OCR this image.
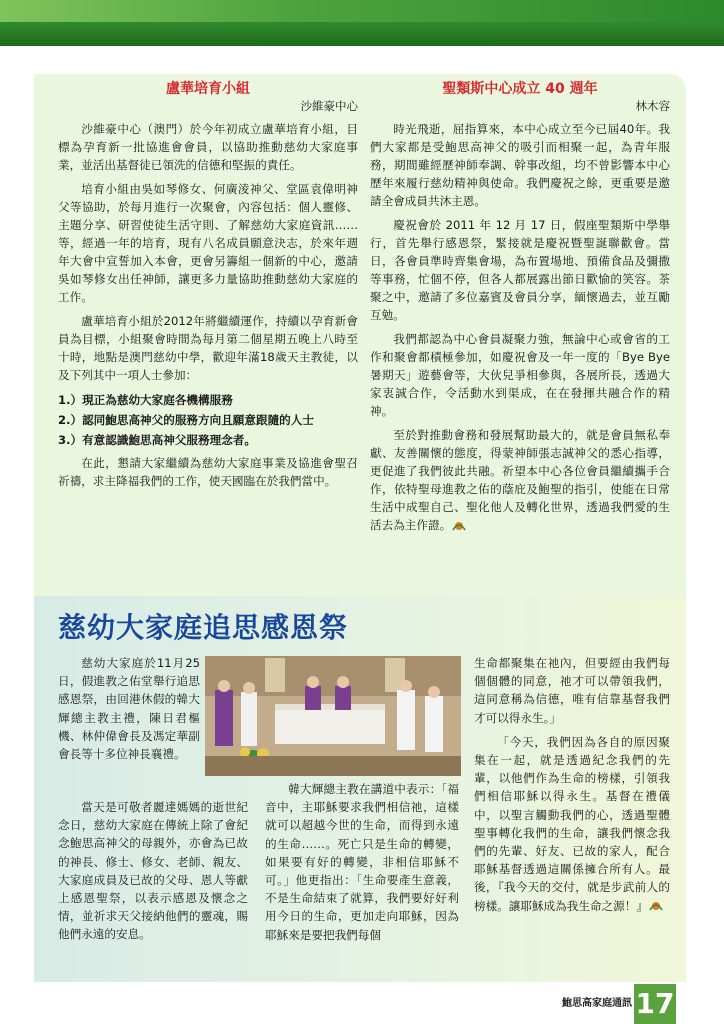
盧華培育小組

沙維豪中心

沙維豪中心（澳門）於今年初成立盧華培育小組，目標為孕育新一批協進會會員，以協助推動慈幼大家庭事業，並活出基督徒已領洗的信德和堅振的責任。

培育小組由吳如琴修女、何廣淩神父、堂區袁偉明神父等協助，於每月進行一次聚會，內容包括：個人靈修、主題分享、研習使徒生活守則、了解慈幼大家庭資訊……等，經過一年的培育，現有八名成員願意決志，於來年週年大會中宣誓加入本會，更會另籌組一個新的中心，邀請吳如琴修女出任神師，讓更多力量協助推動慈幼大家庭的工作。

盧華培育小組於2012年將繼續運作，持續以孕育新會員為目標，小組聚會時間為每月第二個星期五晚上八時至十時，地點是澳門慈幼中學，歡迎年滿18歲天主教徒，以及下列其中一項人士參加：

1.）現正為慈幼大家庭各機構服務
2.）認同鮑思高神父的服務方向且願意跟隨的人士
3.）有意認識鮑思高神父服務理念者。

在此，懇請大家繼續為慈幼大家庭事業及協進會聖召祈禱，求主降福我們的工作，使天國臨在於我們當中。

聖類斯中心成立 40 週年

林木容

時光飛逝，屈指算來，本中心成立至今已屆40年。我們大家都是受鮑思高神父的吸引而相聚一起，為青年服務，期間雖經歷神師奉調、幹事改組，均不曾影響本中心歷年來履行慈幼精神與使命。我們慶祝之餘，更重要是邀請全會成員共沐主恩。

慶祝會於 2011 年 12 月 17 日，假座聖類斯中學舉行，首先舉行感恩祭，緊接就是慶祝暨聖誕聯歡會。當日，各會員準時齊集會場，為布置場地、預備食品及彌撒等事務，忙個不停，但各人都展露出節日歡愉的笑容。茶聚之中，邀請了多位嘉賓及會員分享，緬懷過去，並互勵互勉。

我們都認為中心會員凝聚力強，無論中心或會省的工作和聚會都積極參加，如慶祝會及一年一度的「Bye Bye 暑期天」遊藝會等，大伙兒爭相參與，各展所長，透過大家衷誠合作，令活動水到渠成，在在發揮共融合作的精神。

至於對推動會務和發展幫助最大的，就是會員無私奉獻、友善關懷的態度，得蒙神師張志誠神父的悉心指導，更促進了我們彼此共融。祈望本中心各位會員繼續攜手合作，依特聖母進教之佑的蔭庇及鮑聖的指引，使能在日常生活中成聖自己、聖化他人及轉化世界，透過我們愛的生活去為主作證。

慈幼大家庭追思感恩祭

慈幼大家庭於11月25日，假進教之佑堂舉行追思感恩祭，由回港休假的韓大輝總主教主禮，陳日君樞機、林仲偉會長及馮定華副會長等十多位神長襄禮。

當天是可敬者麗達媽媽的逝世紀念日，慈幼大家庭在傳統上除了會紀念鮑思高神父的母親外，亦會為已故的神長、修士、修女、老師、親友、大家庭成員及已故的父母、恩人等獻上感恩聖祭，以表示感恩及懷念之情，並祈求天父接納他們的靈魂，賜他們永遠的安息。

韓大輝總主教在講道中表示：「福音中，主耶穌要求我們相信祂，這樣就可以超越今世的生命，而得到永遠的生命……。死亡只是生命的轉變，如果要有好的轉變，非相信耶穌不可。」他更指出：「生命要產生意義，不是生命結束了就算，我們要好好利用今日的生命，更加走向耶穌，因為耶穌來是要把我們每個

生命都聚集在祂內，但要經由我們每個個體的同意，祂才可以帶領我們，這同意稱為信德，唯有信靠基督我們才可以得永生。」

「今天，我們因為各自的原因聚集在一起，就是透過紀念我們的先輩，以他們作為生命的榜樣，引領我們相信耶穌以得永生。基督在禮儀中，以聖言觸動我們的心，透過聖體聖事轉化我們的生命，讓我們懷念我們的先輩、好友、已故的家人，配合耶穌基督透過這關係擁合所有人。最後，『我今天的交付，就是步武前人的榜樣。讓耶穌成為我生命之源！』

鮑思高家庭通訊 17
